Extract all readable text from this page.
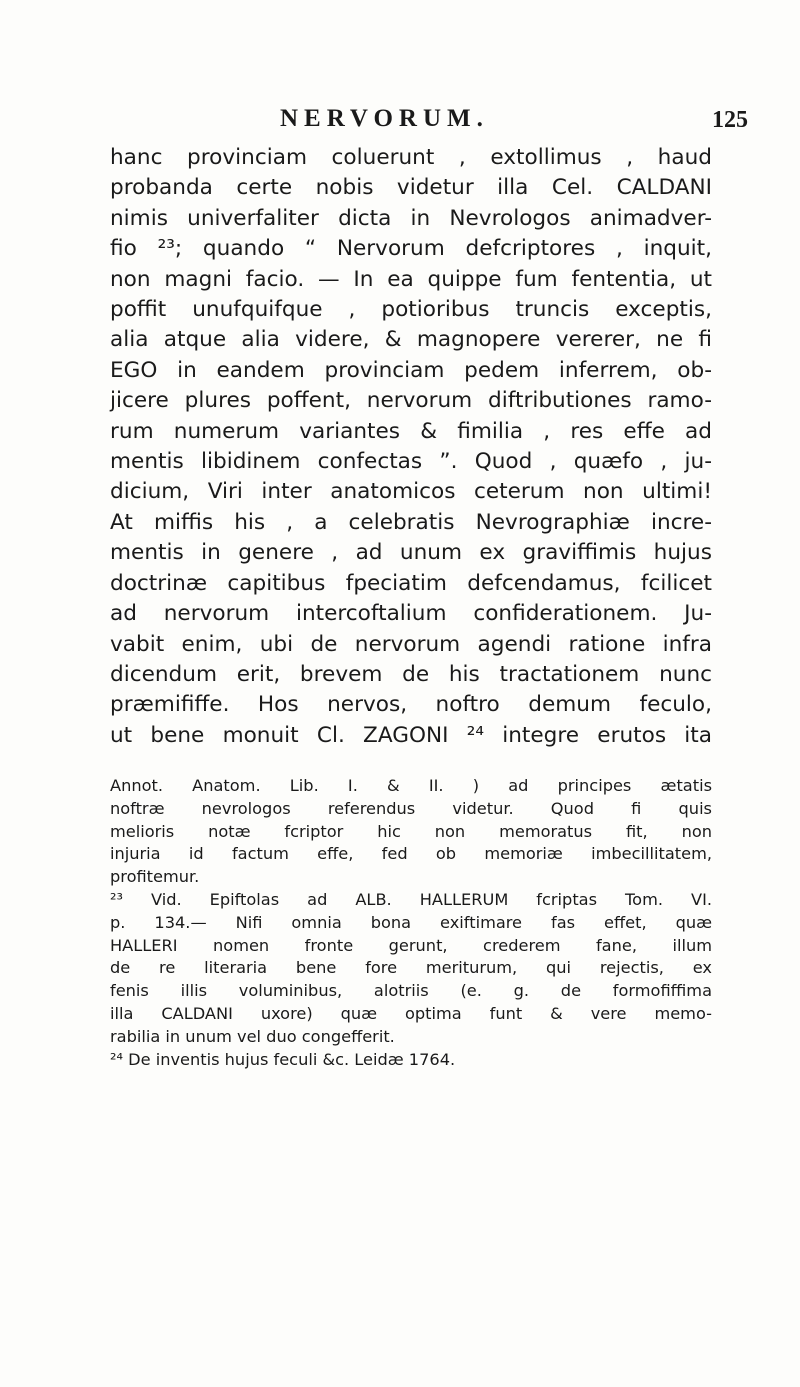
NERVORUM.	125
hanc provinciam coluerunt , extollimus , haud
probanda certe nobis videtur illa Cel. CALDANI
nimis univerfaliter dicta in Nevrologos animadver-
fio ²³; quando “ Nervorum defcriptores , inquit,
non magni facio. — In ea quippe fum fententia, ut
poffit unufquifque , potioribus truncis exceptis,
alia atque alia videre, & magnopere vererer, ne fi
EGO in eandem provinciam pedem inferrem, ob-
jicere plures poffent, nervorum diftributiones ramo-
rum numerum variantes & fimilia , res effe ad
mentis libidinem confectas ”. Quod , quæfo , ju-
dicium, Viri inter anatomicos ceterum non ultimi!
At miffis his , a celebratis Nevrographiæ incre-
mentis in genere , ad unum ex graviffimis hujus
doctrinæ capitibus fpeciatim defcendamus, fcilicet
ad nervorum intercoftalium confiderationem. Ju-
vabit enim, ubi de nervorum agendi ratione infra
dicendum erit, brevem de his tractationem nunc
præmififfe. Hos nervos, noftro demum feculo,
ut bene monuit Cl. ZAGONI ²⁴ integre erutos ita
Annot. Anatom. Lib. I. & II. ) ad principes ætatis
noftræ nevrologos referendus videtur. Quod fi quis
melioris notæ fcriptor hic non memoratus fit, non
injuria id factum effe, fed ob memoriæ imbecillitatem,
profitemur.
²³ Vid. Epiftolas ad ALB. HALLERUM fcriptas Tom. VI.
p. 134.— Nifi omnia bona exiftimare fas effet, quæ
HALLERI nomen fronte gerunt, crederem fane, illum
de re literaria bene fore meriturum, qui rejectis, ex
fenis illis voluminibus, alotriis (e. g. de formofiffima
illa CALDANI uxore) quæ optima funt & vere memo-
rabilia in unum vel duo congefferit.
²⁴ De inventis hujus feculi &c. Leidæ 1764.
